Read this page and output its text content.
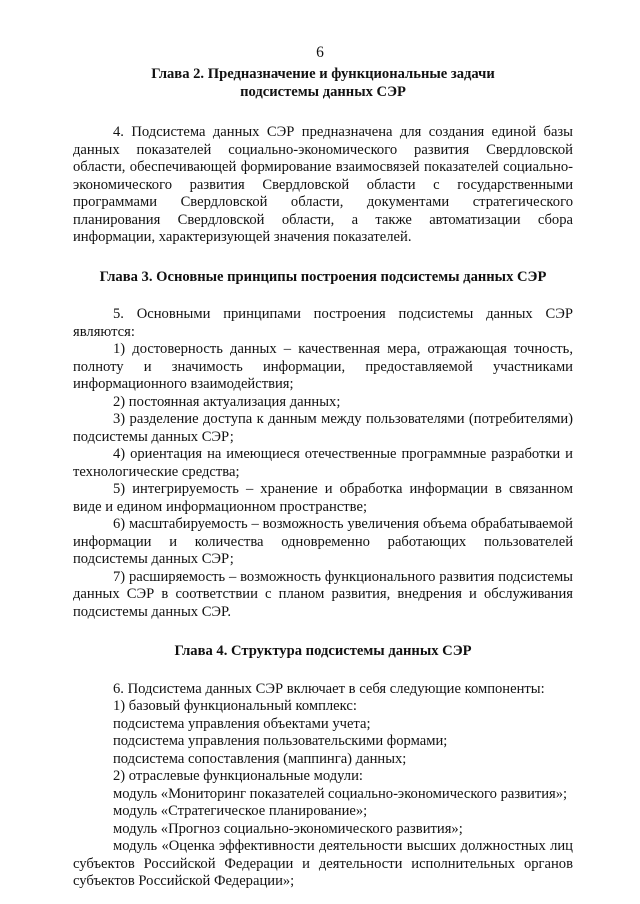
6
Глава 2. Предназначение и функциональные задачи
подсистемы данных СЭР

4. Подсистема данных СЭР предназначена для создания единой базы данных показателей социально-экономического развития Свердловской области, обеспечивающей формирование взаимосвязей показателей социально-экономического развития Свердловской области с государственными программами Свердловской области, документами стратегического планирования Свердловской области, а также автоматизации сбора информации, характеризующей значения показателей.

Глава 3. Основные принципы построения подсистемы данных СЭР

5. Основными принципами построения подсистемы данных СЭР являются:

1) достоверность данных – качественная мера, отражающая точность, полноту и значимость информации, предоставляемой участниками информационного взаимодействия;

2) постоянная актуализация данных;

3) разделение доступа к данным между пользователями (потребителями) подсистемы данных СЭР;

4) ориентация на имеющиеся отечественные программные разработки и технологические средства;

5) интегрируемость – хранение и обработка информации в связанном виде и едином информационном пространстве;

6) масштабируемость – возможность увеличения объема обрабатываемой информации и количества одновременно работающих пользователей подсистемы данных СЭР;

7) расширяемость – возможность функционального развития подсистемы данных СЭР в соответствии с планом развития, внедрения и обслуживания подсистемы данных СЭР.

Глава 4. Структура подсистемы данных СЭР

6. Подсистема данных СЭР включает в себя следующие компоненты:

1) базовый функциональный комплекс:

подсистема управления объектами учета;

подсистема управления пользовательскими формами;

подсистема сопоставления (маппинга) данных;

2) отраслевые функциональные модули:

модуль «Мониторинг показателей социально-экономического развития»;

модуль «Стратегическое планирование»;

модуль «Прогноз социально-экономического развития»;

модуль «Оценка эффективности деятельности высших должностных лиц субъектов Российской Федерации и деятельности исполнительных органов субъектов Российской Федерации»;
